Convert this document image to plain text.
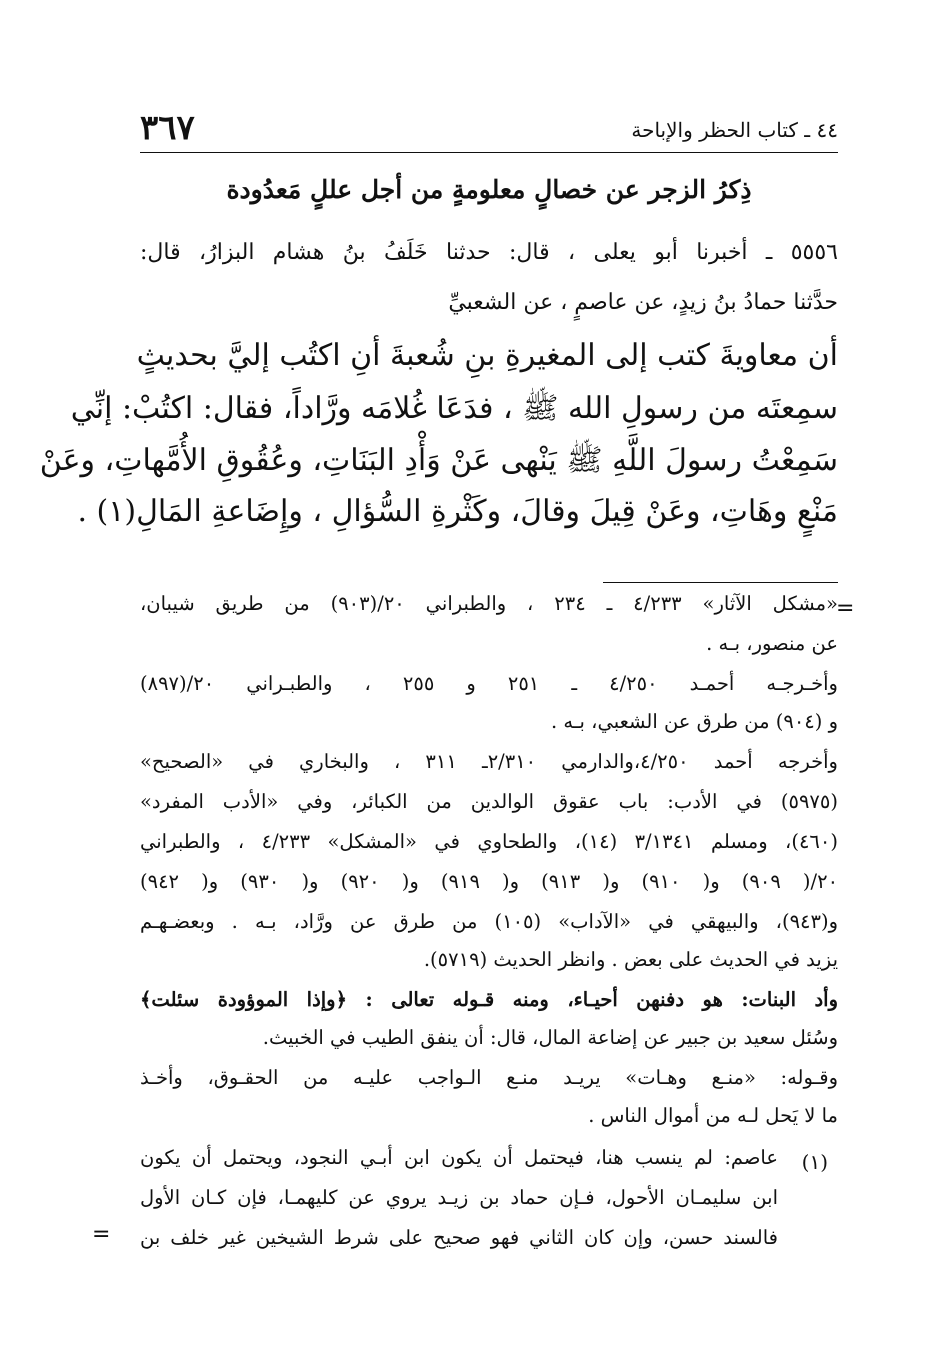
٣٦٧	٤٤ ـ كتاب الحظر والإباحة
ذِكرُ الزجر عن خصالٍ معلومةٍ من أجل عللٍ مَعدُودة
٥٥٥٦ ـ أخبرنا أبو يعلى ، قال: حدثنا خَلَفُ بنُ هشام البزارُ، قال:
حدَّثنا حمادُ بنُ زيدٍ، عن عاصمٍ ، عن الشعبيِّ
أن معاويةَ كتب إلى المغيرةِ بنِ شُعبةَ أنِ اكتُب إليَّ بحديثٍ
سمِعتَه من رسولِ الله ﷺ ، فدَعَا غُلامَه ورَّاداً، فقال: اكتُبْ: إنِّي
سَمِعْتُ رسولَ اللَّهِ ﷺ يَنْهى عَنْ وَأْدِ البَنَاتِ، وعُقُوقِ الأُمَّهاتِ، وعَنْ
مَنْعٍ وهَاتِ، وعَنْ قِيلَ وقالَ، وكَثْرةِ السُّؤالِ ، وإِضَاعةِ المَالِ(١) .
=
«مشكل الآثار» ٤/٢٣٣ ـ ٢٣٤ ، والطبراني ٢٠/(٩٠٣) من طريق شيبان،
عن منصور، بـه .
وأخـرجـه أحمـد ٤/٢٥٠ ـ ٢٥١ و ٢٥٥ ، والطبـراني ٢٠/(٨٩٧)
و (٩٠٤) من طرق عن الشعبي، بـه .
وأخرجه أحمد ٤/٢٥٠،والدارمي ٢/٣١٠ـ ٣١١ ، والبخاري في «الصحيح»
(٥٩٧٥) في الأدب: باب عقوق الوالدين من الكبائر، وفي «الأدب المفرد»
(٤٦٠)، ومسلم ٣/١٣٤١ (١٤)، والطحاوي في «المشكل» ٤/٢٣٣ ، والطبراني
٢٠/( ٩٠٩) و( ٩١٠) و( ٩١٣) و( ٩١٩) و( ٩٢٠) و( ٩٣٠) و( ٩٤٢)
و(٩٤٣)، والبيهقي في «الآداب» (١٠٥) من طرق عن ورَّاد، بـه . وبعضـهـم
يزيد في الحديث على بعض . وانظر الحديث (٥٧١٩).
وأد البنات: هو دفنهن أحيـاء، ومنه قـوله تعالى : ﴿وإذا الموؤودة سئلت﴾
وسُئل سعيد بن جبير عن إضاعة المال، قال: أن ينفق الطيب في الخبيث.
وقـوله: «منـع وهـات» يريـد منـع الـواجب عليـه من الحقـوق، وأخـذ
ما لا يَحل لـه من أموال الناس .
(١)
عاصم: لم ينسب هنا، فيحتمل أن يكون ابن أبـي النجود، ويحتمل أن يكون
ابن سليمـان الأحول، فـإن حماد بن زيـد يروي عن كليهمـا، فإن كـان الأول
فالسند حسن، وإن كان الثاني فهو صحيح على شرط الشيخين غير خلف بن
=
